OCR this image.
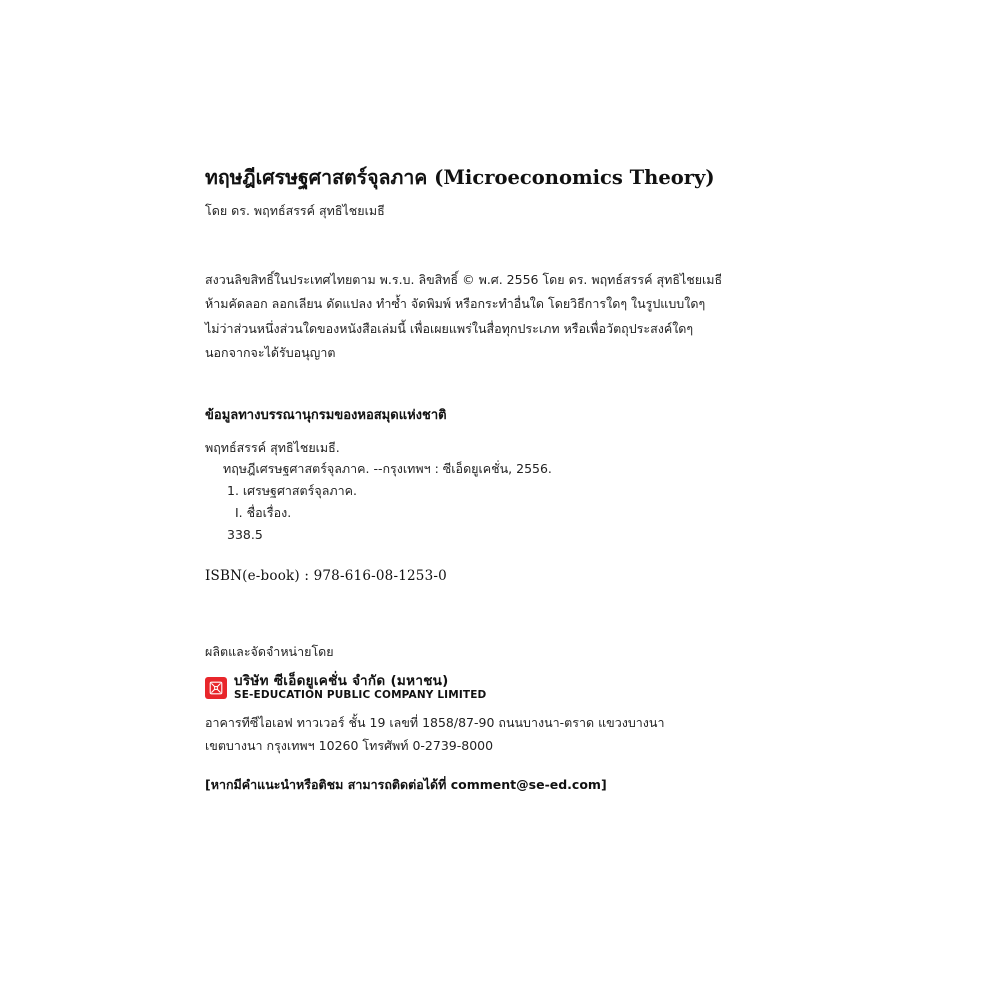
ทฤษฎีเศรษฐศาสตร์จุลภาค (Microeconomics Theory)

โดย ดร. พฤทธ์สรรค์ สุทธิไชยเมธี

สงวนลิขสิทธิ์ในประเทศไทยตาม พ.ร.บ. ลิขสิทธิ์ © พ.ศ. 2556 โดย ดร. พฤทธ์สรรค์ สุทธิไชยเมธี
ห้ามคัดลอก ลอกเลียน ดัดแปลง ทำซ้ำ จัดพิมพ์ หรือกระทำอื่นใด โดยวิธีการใดๆ ในรูปแบบใดๆ
ไม่ว่าส่วนหนึ่งส่วนใดของหนังสือเล่มนี้ เพื่อเผยแพร่ในสื่อทุกประเภท หรือเพื่อวัตถุประสงค์ใดๆ
นอกจากจะได้รับอนุญาต
ข้อมูลทางบรรณานุกรมของหอสมุดแห่งชาติ
พฤทธ์สรรค์ สุทธิไชยเมธี.
ทฤษฎีเศรษฐศาสตร์จุลภาค. --กรุงเทพฯ : ซีเอ็ดยูเคชั่น, 2556.
1. เศรษฐศาสตร์จุลภาค.
I. ชื่อเรื่อง.
338.5
ISBN(e-book) : 978-616-08-1253-0
ผลิตและจัดจำหน่ายโดย
บริษัท ซีเอ็ดยูเคชั่น จำกัด (มหาชน)
SE-EDUCATION PUBLIC COMPANY LIMITED
อาคารทีซีไอเอฟ ทาวเวอร์ ชั้น 19 เลขที่ 1858/87-90 ถนนบางนา-ตราด แขวงบางนา
เขตบางนา กรุงเทพฯ 10260 โทรศัพท์ 0-2739-8000
[หากมีคำแนะนำหรือติชม สามารถติดต่อได้ที่ comment@se-ed.com]
